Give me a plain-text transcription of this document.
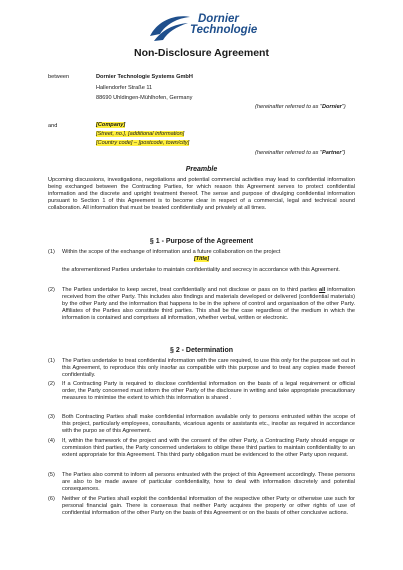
Dornier
Technologie
Non-Disclosure Agreement
between	Dornier Technologie Systems GmbH
Hallendorfer Straße 11
88690 Uhldingen-Mühlhofen, Germany
(hereinafter referred to as "Dornier")
and	[Company]
[Street, no.], [additional information]
[Country code] – [postcode, town/city]
(hereinafter referred to as "Partner")
Preamble
Upcoming discussions, investigations, negotiations and potential commercial activities may lead to confidential information being exchanged between the Contracting Parties, for which reason this Agreement serves to protect confidential information and the discrete and upright treatment thereof. The sense and purpose of divulging confidential information pursuant to Section 1 of this Agreement is to become clear in respect of a commercial, legal and technical sound collaboration. All information that must be treated confidentially and privately at all times.
§ 1 - Purpose of the Agreement
(1) Within the scope of the exchange of information and a future collaboration on the project
[Title]
the aforementioned Parties undertake to maintain confidentiality and secrecy in accordance with this Agreement.
(2) The Parties undertake to keep secret, treat confidentially and not disclose or pass on to third parties all information received from the other Party. This includes also findings and materials developed or delivered (confidential materials) by the other Party and the information that happens to be in the sphere of control and organisation of the other Party. Affiliates of the Parties also constitute third parties. This shall be the case regardless of the medium in which the information is contained and comprises all information, whether verbal, written or electronic.
§ 2 - Determination
(1) The Parties undertake to treat confidential information with the care required, to use this only for the purpose set out in this Agreement, to reproduce this only insofar as compatible with this purpose and to treat any copies made thereof confidentially.
(2) If a Contracting Party is required to disclose confidential information on the basis of a legal requirement or official order, the Party concerned must inform the other Party of the disclosure in writing and take appropriate precautionary measures to minimise the extent to which this information is shared .
(3) Both Contracting Parties shall make confidential information available only to persons entrusted within the scope of this project, particularly employees, consultants, vicarious agents or assistants etc., insofar as required in accordance with the purpo se of this Agreement.
(4) If, within the framework of the project and with the consent of the other Party, a Contracting Party should engage or commission third parties, the Party concerned undertakes to oblige these third parties to maintain confidentiality to an extent appropriate for this Agreement. This third party obligation must be evidenced to the other Party upon request.
(5) The Parties also commit to inform all persons entrusted with the project of this Agreement accordingly. These persons are also to be made aware of particular confidentiality, how to deal with information discretely and potential consequences.
(6) Neither of the Parties shall exploit the confidential information of the respective other Party or otherwise use such for personal financial gain. There is consensus that neither Party acquires the property or other rights of use of confidential information of the other Party on the basis of this Agreement or on the basis of other conclusive actions.
